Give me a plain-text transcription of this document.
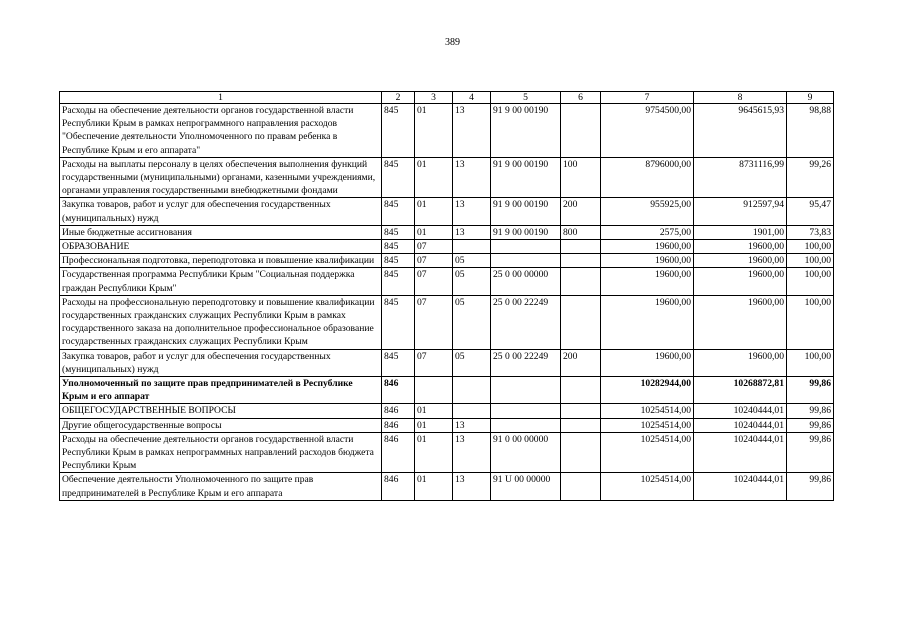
389
1	2	3	4	5	6	7	8	9
Расходы на обеспечение деятельности органов государственной власти Республики Крым в рамках непрограммного направления расходов "Обеспечение деятельности Уполномоченного по правам ребенка в Республике Крым и его аппарата"	845	01	13	91 9 00 00190		9754500,00	9645615,93	98,88
Расходы на выплаты персоналу в целях обеспечения выполнения функций государственными (муниципальными) органами, казенными учреждениями, органами управления государственными внебюджетными фондами	845	01	13	91 9 00 00190	100	8796000,00	8731116,99	99,26
Закупка товаров, работ и услуг для обеспечения государственных (муниципальных) нужд	845	01	13	91 9 00 00190	200	955925,00	912597,94	95,47
Иные бюджетные ассигнования	845	01	13	91 9 00 00190	800	2575,00	1901,00	73,83
ОБРАЗОВАНИЕ	845	07				19600,00	19600,00	100,00
Профессиональная подготовка, переподготовка и повышение квалификации	845	07	05			19600,00	19600,00	100,00
Государственная программа Республики Крым "Социальная поддержка граждан Республики Крым"	845	07	05	25 0 00 00000		19600,00	19600,00	100,00
Расходы на профессиональную переподготовку и повышение квалификации государственных гражданских служащих Республики Крым в рамках государственного заказа на дополнительное профессиональное образование государственных гражданских служащих Республики Крым	845	07	05	25 0 00 22249		19600,00	19600,00	100,00
Закупка товаров, работ и услуг для обеспечения государственных (муниципальных) нужд	845	07	05	25 0 00 22249	200	19600,00	19600,00	100,00
Уполномоченный по защите прав предпринимателей в Республике Крым и его аппарат	846					10282944,00	10268872,81	99,86
ОБЩЕГОСУДАРСТВЕННЫЕ ВОПРОСЫ	846	01				10254514,00	10240444,01	99,86
Другие общегосударственные вопросы	846	01	13			10254514,00	10240444,01	99,86
Расходы на обеспечение деятельности органов государственной власти Республики Крым в рамках непрограммных направлений расходов бюджета Республики Крым	846	01	13	91 0 00 00000		10254514,00	10240444,01	99,86
Обеспечение деятельности Уполномоченного по защите прав предпринимателей в Республике Крым и его аппарата	846	01	13	91 U 00 00000		10254514,00	10240444,01	99,86
